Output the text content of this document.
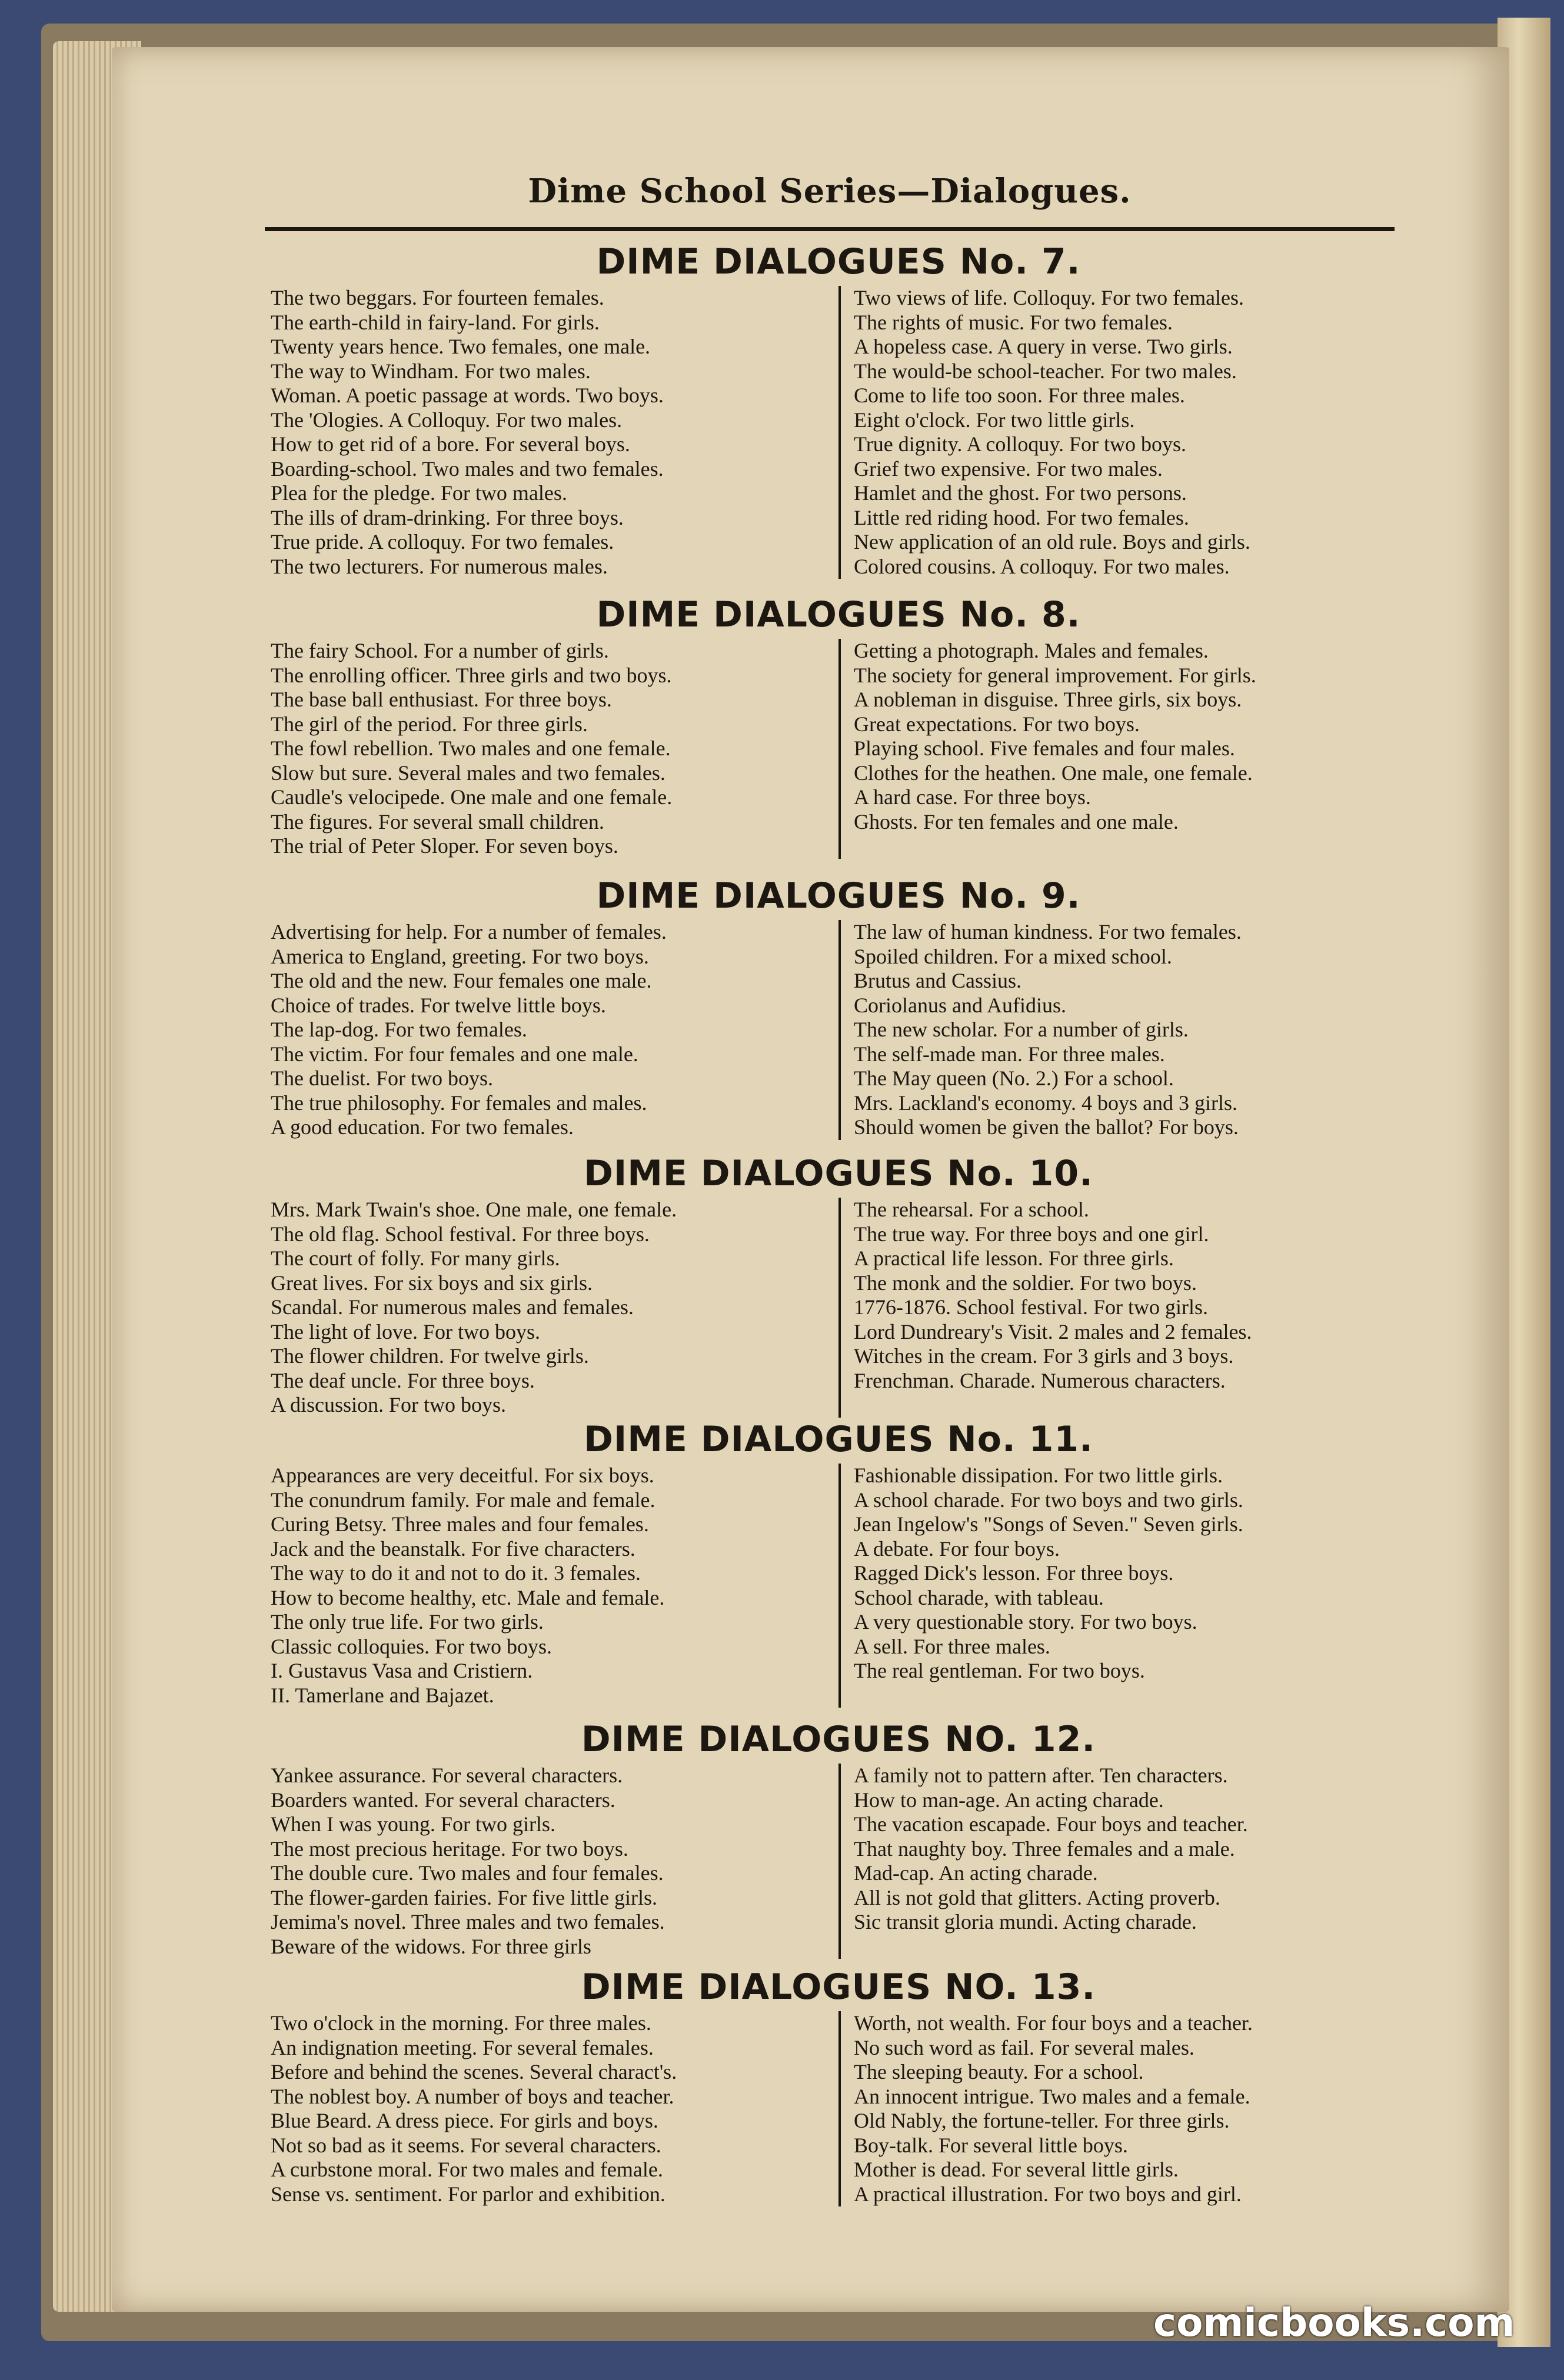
Dime School Series—Dialogues.
DIME DIALOGUES No. 7.
The two beggars. For fourteen females.
The earth-child in fairy-land. For girls.
Twenty years hence. Two females, one male.
The way to Windham. For two males.
Woman. A poetic passage at words. Two boys.
The 'Ologies. A Colloquy. For two males.
How to get rid of a bore. For several boys.
Boarding-school. Two males and two females.
Plea for the pledge. For two males.
The ills of dram-drinking. For three boys.
True pride. A colloquy. For two females.
The two lecturers. For numerous males.
Two views of life. Colloquy. For two females.
The rights of music. For two females.
A hopeless case. A query in verse. Two girls.
The would-be school-teacher. For two males.
Come to life too soon. For three males.
Eight o'clock. For two little girls.
True dignity. A colloquy. For two boys.
Grief two expensive. For two males.
Hamlet and the ghost. For two persons.
Little red riding hood. For two females.
New application of an old rule. Boys and girls.
Colored cousins. A colloquy. For two males.
DIME DIALOGUES No. 8.
The fairy School. For a number of girls.
The enrolling officer. Three girls and two boys.
The base ball enthusiast. For three boys.
The girl of the period. For three girls.
The fowl rebellion. Two males and one female.
Slow but sure. Several males and two females.
Caudle's velocipede. One male and one female.
The figures. For several small children.
The trial of Peter Sloper. For seven boys.
Getting a photograph. Males and females.
The society for general improvement. For girls.
A nobleman in disguise. Three girls, six boys.
Great expectations. For two boys.
Playing school. Five females and four males.
Clothes for the heathen. One male, one female.
A hard case. For three boys.
Ghosts. For ten females and one male.
DIME DIALOGUES No. 9.
Advertising for help. For a number of females.
America to England, greeting. For two boys.
The old and the new. Four females one male.
Choice of trades. For twelve little boys.
The lap-dog. For two females.
The victim. For four females and one male.
The duelist. For two boys.
The true philosophy. For females and males.
A good education. For two females.
The law of human kindness. For two females.
Spoiled children. For a mixed school.
Brutus and Cassius.
Coriolanus and Aufidius.
The new scholar. For a number of girls.
The self-made man. For three males.
The May queen (No. 2.) For a school.
Mrs. Lackland's economy. 4 boys and 3 girls.
Should women be given the ballot? For boys.
DIME DIALOGUES No. 10.
Mrs. Mark Twain's shoe. One male, one female.
The old flag. School festival. For three boys.
The court of folly. For many girls.
Great lives. For six boys and six girls.
Scandal. For numerous males and females.
The light of love. For two boys.
The flower children. For twelve girls.
The deaf uncle. For three boys.
A discussion. For two boys.
The rehearsal. For a school.
The true way. For three boys and one girl.
A practical life lesson. For three girls.
The monk and the soldier. For two boys.
1776-1876. School festival. For two girls.
Lord Dundreary's Visit. 2 males and 2 females.
Witches in the cream. For 3 girls and 3 boys.
Frenchman. Charade. Numerous characters.
DIME DIALOGUES No. 11.
Appearances are very deceitful. For six boys.
The conundrum family. For male and female.
Curing Betsy. Three males and four females.
Jack and the beanstalk. For five characters.
The way to do it and not to do it. 3 females.
How to become healthy, etc. Male and female.
The only true life. For two girls.
Classic colloquies. For two boys.
I. Gustavus Vasa and Cristiern.
II. Tamerlane and Bajazet.
Fashionable dissipation. For two little girls.
A school charade. For two boys and two girls.
Jean Ingelow's "Songs of Seven." Seven girls.
A debate. For four boys.
Ragged Dick's lesson. For three boys.
School charade, with tableau.
A very questionable story. For two boys.
A sell. For three males.
The real gentleman. For two boys.
DIME DIALOGUES NO. 12.
Yankee assurance. For several characters.
Boarders wanted. For several characters.
When I was young. For two girls.
The most precious heritage. For two boys.
The double cure. Two males and four females.
The flower-garden fairies. For five little girls.
Jemima's novel. Three males and two females.
Beware of the widows. For three girls
A family not to pattern after. Ten characters.
How to man-age. An acting charade.
The vacation escapade. Four boys and teacher.
That naughty boy. Three females and a male.
Mad-cap. An acting charade.
All is not gold that glitters. Acting proverb.
Sic transit gloria mundi. Acting charade.
DIME DIALOGUES NO. 13.
Two o'clock in the morning. For three males.
An indignation meeting. For several females.
Before and behind the scenes. Several charact's.
The noblest boy. A number of boys and teacher.
Blue Beard. A dress piece. For girls and boys.
Not so bad as it seems. For several characters.
A curbstone moral. For two males and female.
Sense vs. sentiment. For parlor and exhibition.
Worth, not wealth. For four boys and a teacher.
No such word as fail. For several males.
The sleeping beauty. For a school.
An innocent intrigue. Two males and a female.
Old Nably, the fortune-teller. For three girls.
Boy-talk. For several little boys.
Mother is dead. For several little girls.
A practical illustration. For two boys and girl.
comicbooks.com
